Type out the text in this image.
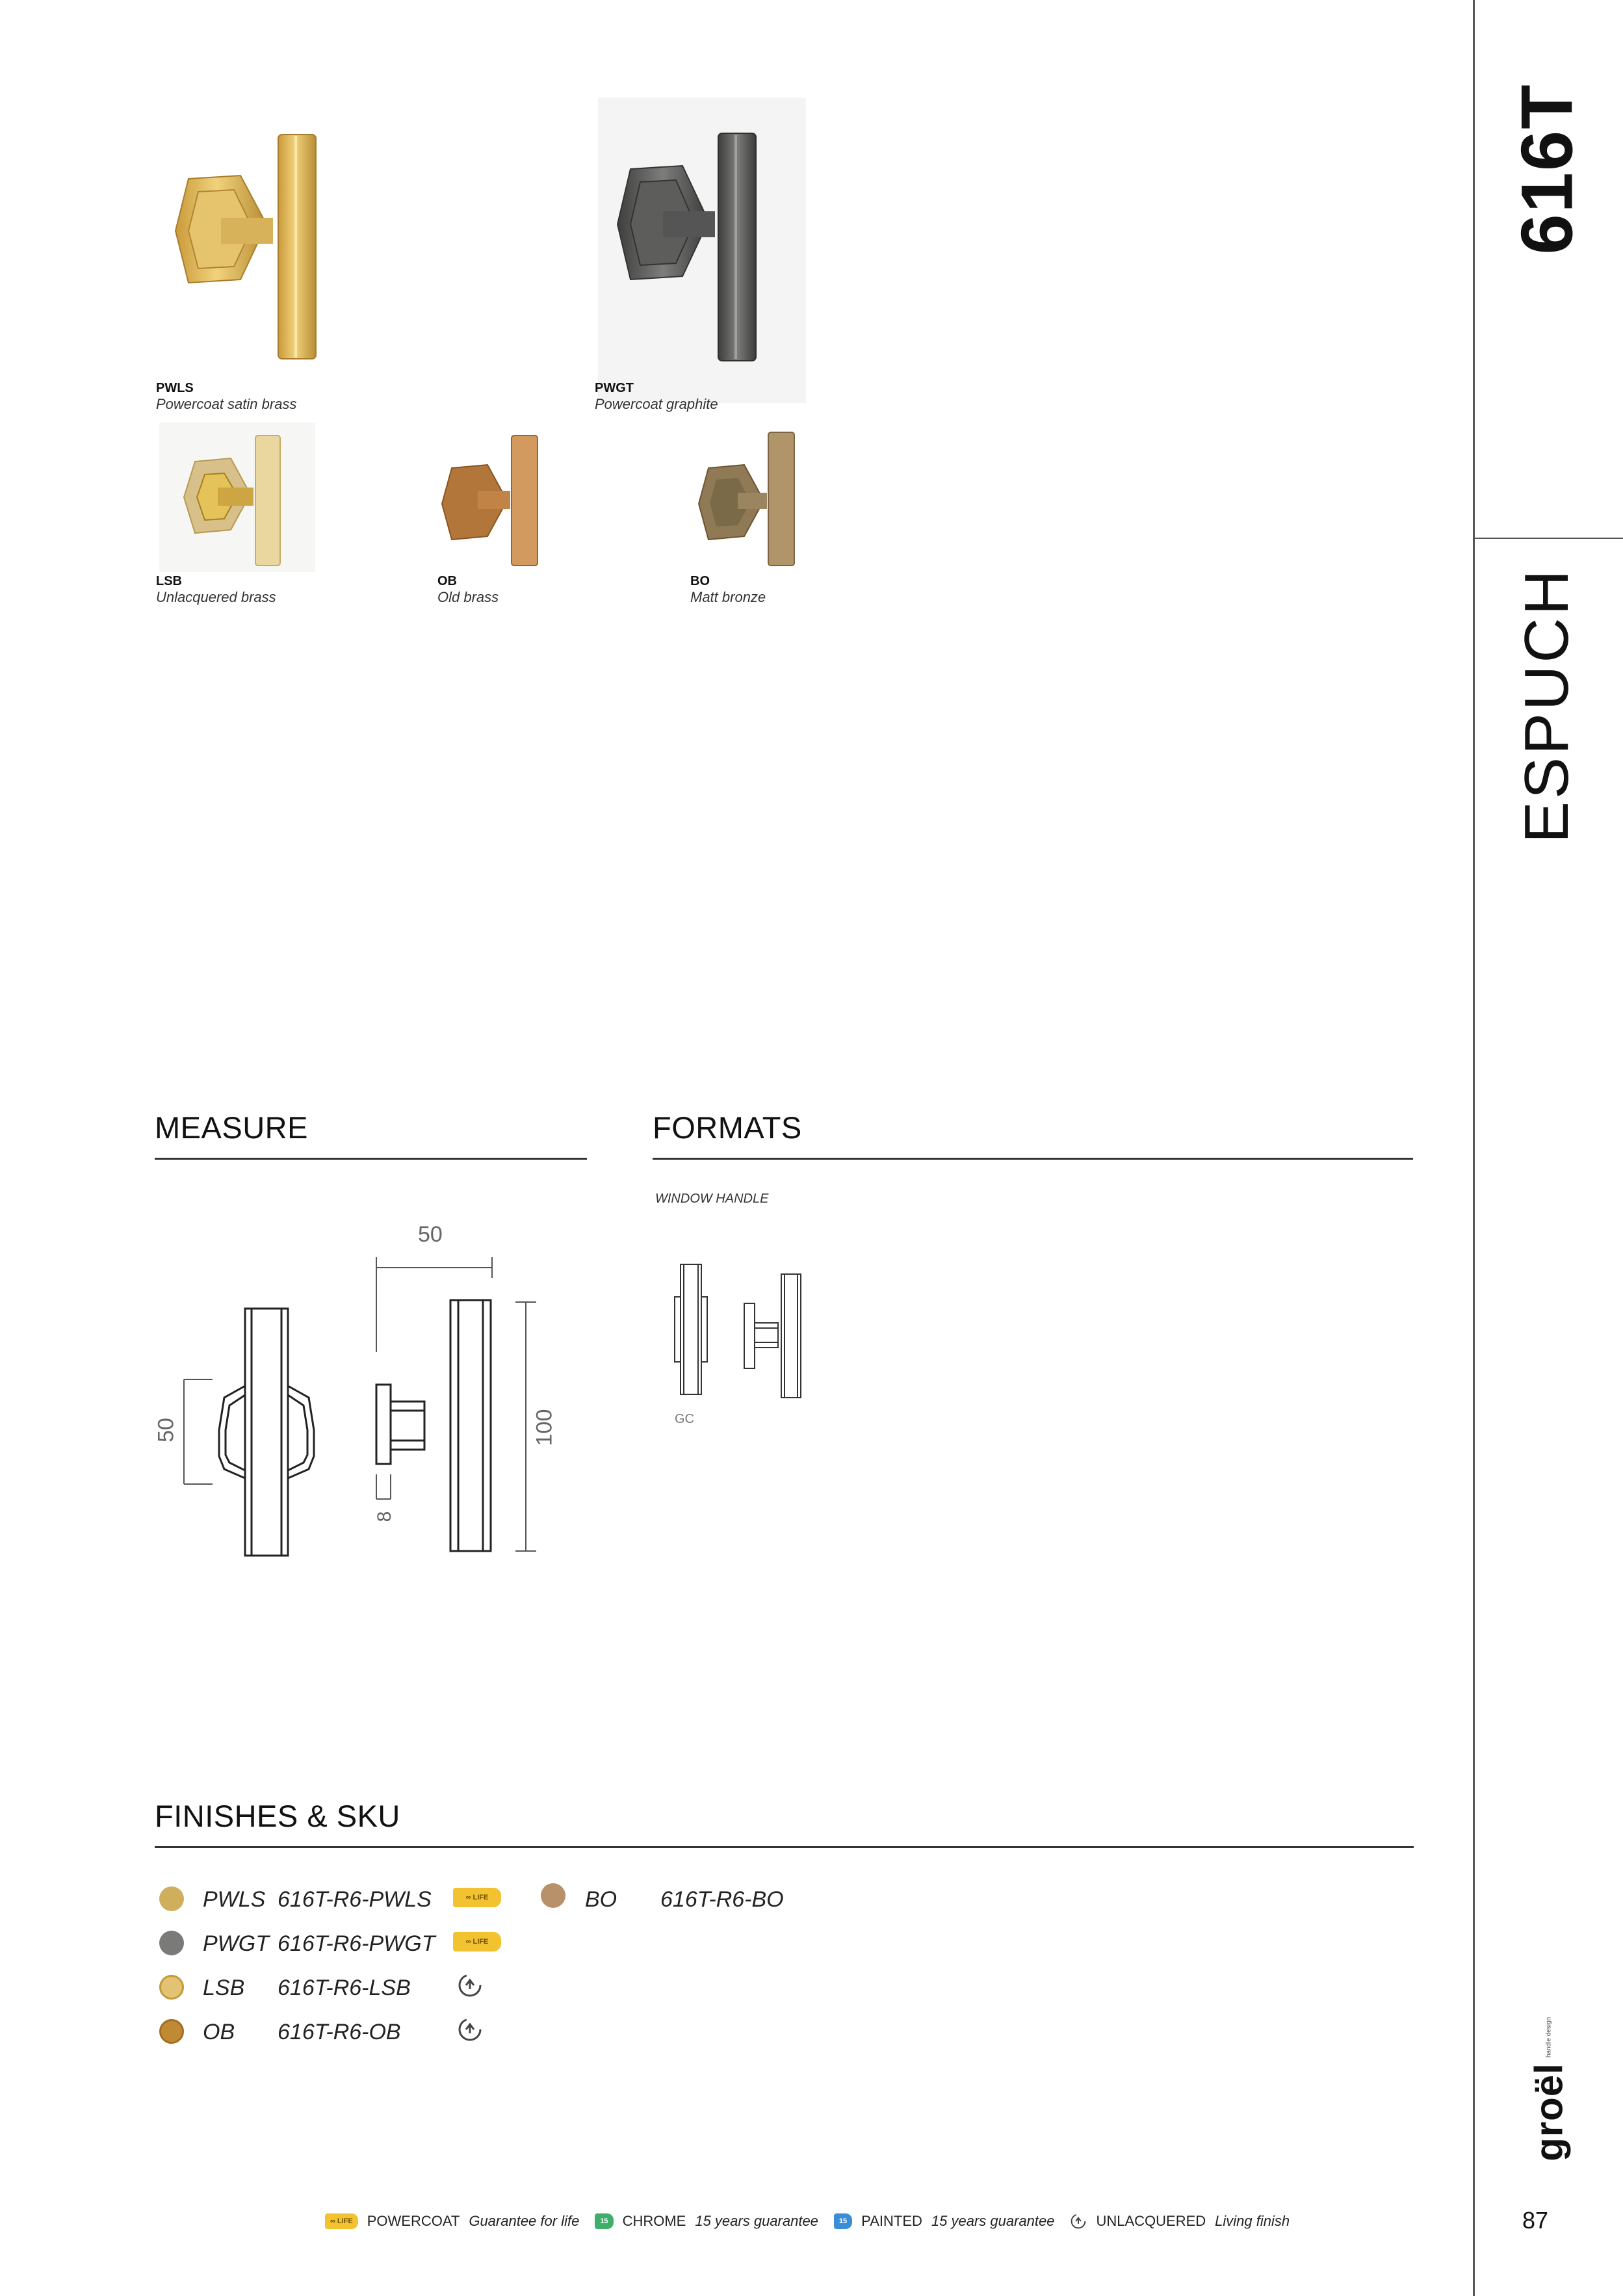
616T
ESPUCH
groël
handle design
87
PWLS
Powercoat satin brass
PWGT
Powercoat graphite
LSB
Unlacquered brass
OB
Old brass
BO
Matt bronze
MEASURE
50
50	100
8
FORMATS
WINDOW HANDLE
GC
FINISHES & SKU
PWLS 616T-R6-PWLS	∞ LIFE
PWGT 616T-R6-PWGT	∞ LIFE
LSB 616T-R6-LSB
OB 616T-R6-OB
BO 616T-R6-BO
∞ LIFE	POWERCOAT Guarantee for life	15	CHROME 15 years guarantee	15	PAINTED 15 years guarantee	UNLACQUERED Living finish
